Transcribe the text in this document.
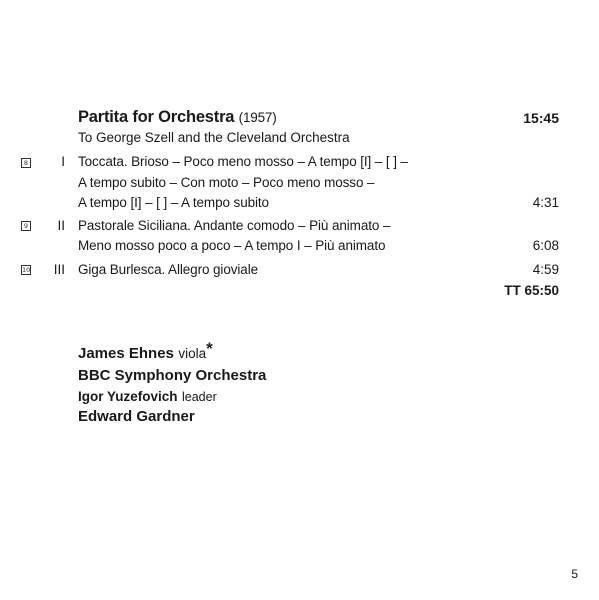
Partita for Orchestra (1957)	15:45
To George Szell and the Cleveland Orchestra
8	I Toccata. Brioso – Poco meno mosso – A tempo [I] – [ ] –
A tempo subito – Con moto – Poco meno mosso –
A tempo [I] – [ ] – A tempo subito	4:31
9	II Pastorale Siciliana. Andante comodo – Più animato –
Meno mosso poco a poco – A tempo I – Più animato	6:08
10	III Giga Burlesca. Allegro gioviale	4:59
TT 65:50
James Ehnes viola*
BBC Symphony Orchestra
Igor Yuzefovich leader
Edward Gardner
5
